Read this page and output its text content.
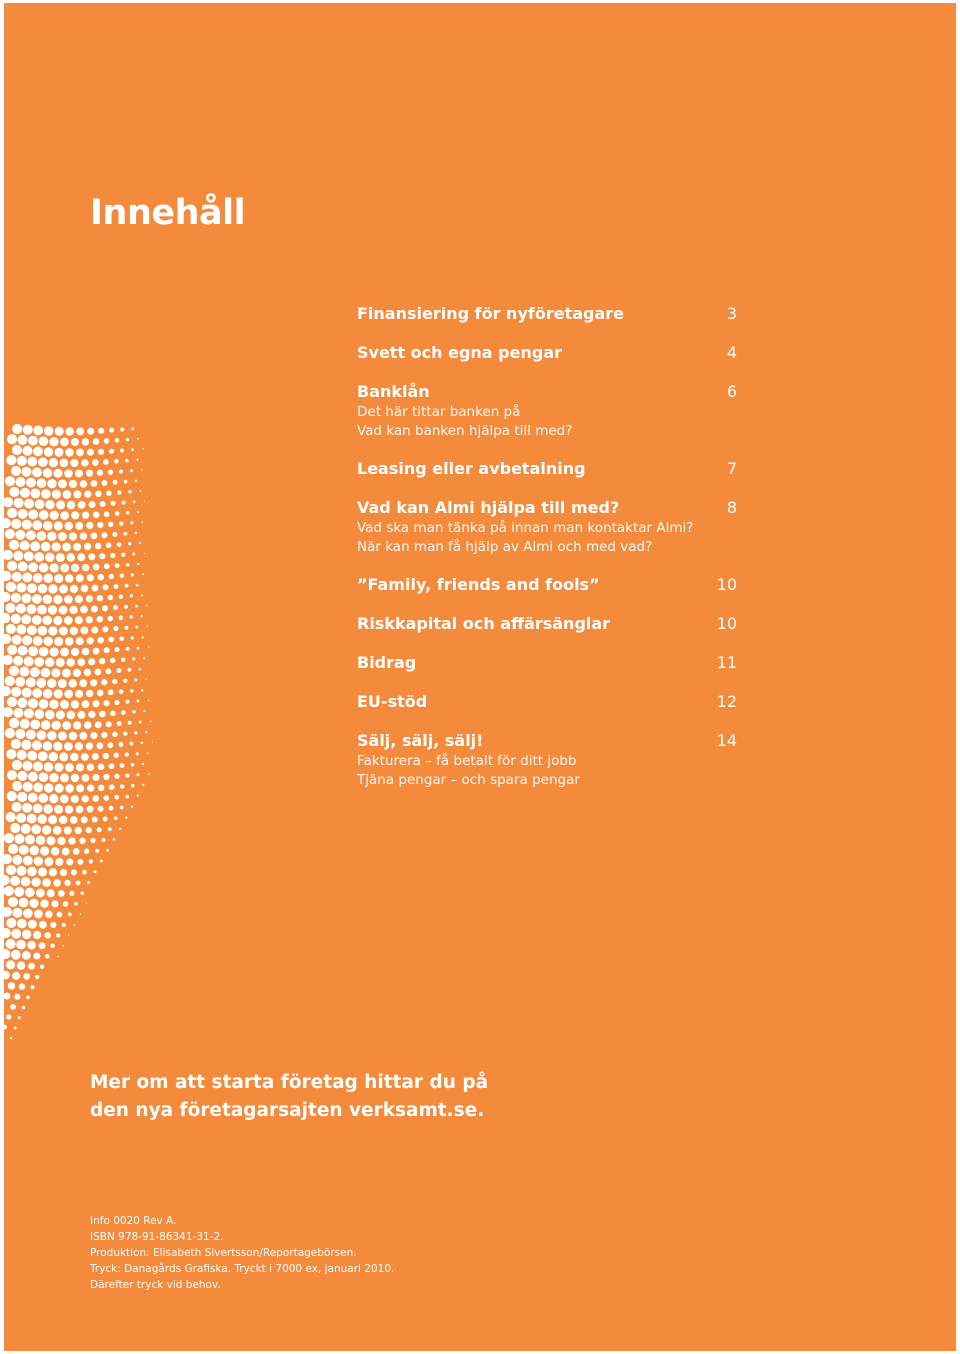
Innehåll
Finansiering för nyföretagare	3
Svett och egna pengar	4
Banklån	6
Det här tittar banken på
Vad kan banken hjälpa till med?
Leasing eller avbetalning	7
Vad kan Almi hjälpa till med?	8
Vad ska man tänka på innan man kontaktar Almi?
När kan man få hjälp av Almi och med vad?
”Family, friends and fools”	10
Riskkapital och affärsänglar	10
Bidrag	11
EU-stöd	12
Sälj, sälj, sälj!	14
Fakturera – få betalt för ditt jobb
Tjäna pengar – och spara pengar
Mer om att starta företag hittar du på
den nya företagarsajten verksamt.se.
Info 0020 Rev A.
ISBN 978-91-86341-31-2.
Produktion: Elisabeth Sivertsson/Reportagebörsen.
Tryck: Danagårds Grafiska. Tryckt i 7000 ex, januari 2010.
Därefter tryck vid behov.
